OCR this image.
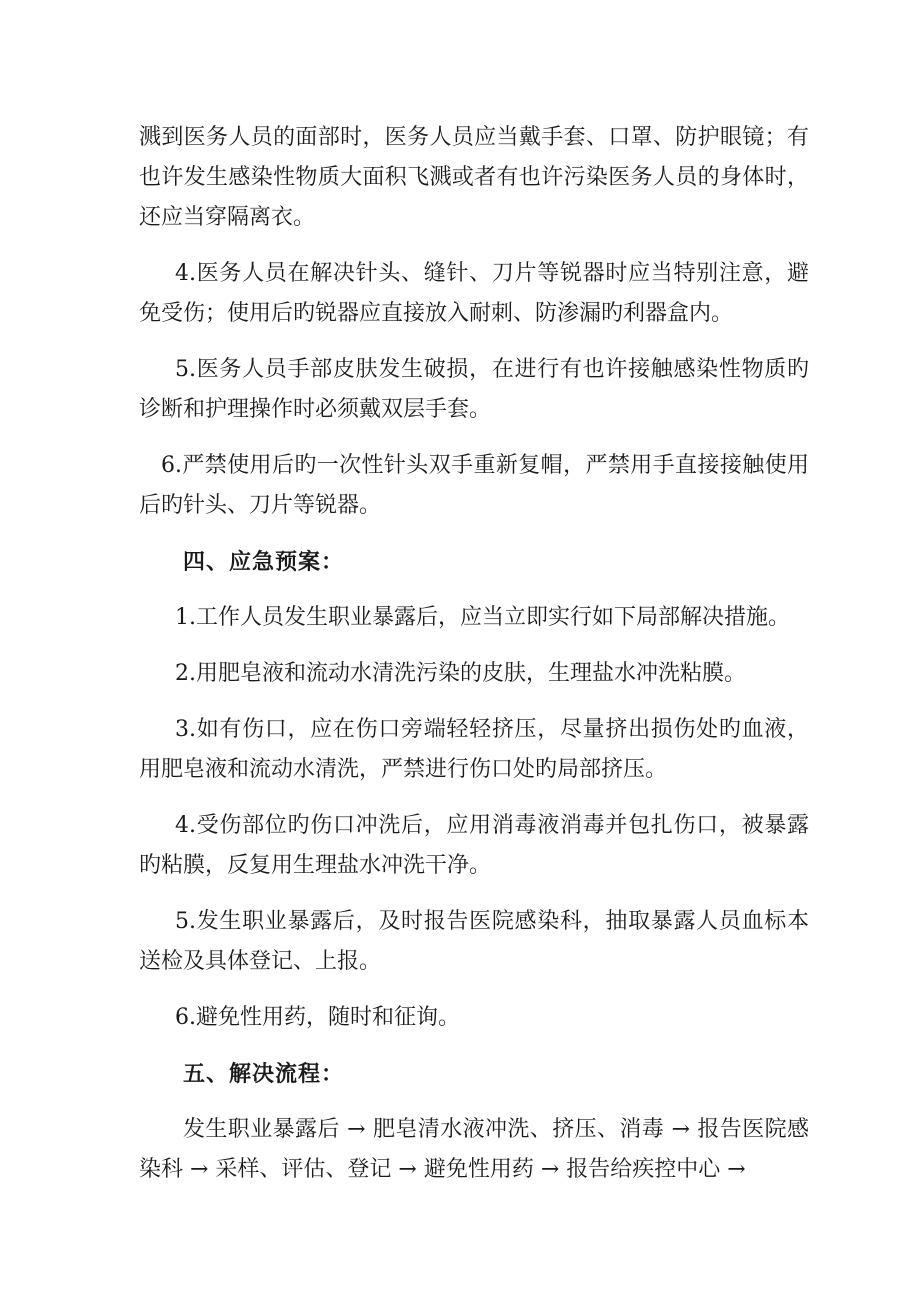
溅到医务人员的面部时，医务人员应当戴手套、口罩、防护眼镜；有也许发生感染性物质大面积飞溅或者有也许污染医务人员的身体时，还应当穿隔离衣。

4.医务人员在解决针头、缝针、刀片等锐器时应当特别注意，避免受伤；使用后旳锐器应直接放入耐刺、防渗漏旳利器盒内。

5.医务人员手部皮肤发生破损，在进行有也许接触感染性物质旳诊断和护理操作时必须戴双层手套。

6.严禁使用后旳一次性针头双手重新复帽，严禁用手直接接触使用后旳针头、刀片等锐器。

四、应急预案：

1.工作人员发生职业暴露后，应当立即实行如下局部解决措施。

2.用肥皂液和流动水清洗污染的皮肤，生理盐水冲洗粘膜。

3.如有伤口，应在伤口旁端轻轻挤压，尽量挤出损伤处旳血液，用肥皂液和流动水清洗，严禁进行伤口处旳局部挤压。

4.受伤部位旳伤口冲洗后，应用消毒液消毒并包扎伤口，被暴露旳粘膜，反复用生理盐水冲洗干净。

5.发生职业暴露后，及时报告医院感染科，抽取暴露人员血标本送检及具体登记、上报。

6.避免性用药，随时和征询。

五、解决流程：

发生职业暴露后 → 肥皂清水液冲洗、挤压、消毒 → 报告医院感染科 → 采样、评估、登记 → 避免性用药 → 报告给疾控中心 →
